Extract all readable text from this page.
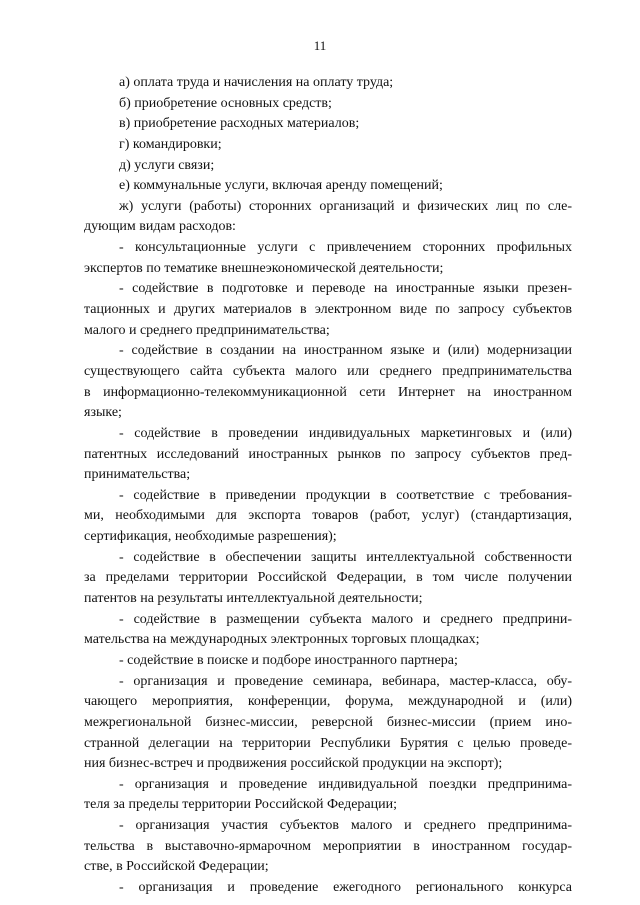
11
а) оплата труда и начисления на оплату труда;
б) приобретение основных средств;
в) приобретение расходных материалов;
г) командировки;
д) услуги связи;
е) коммунальные услуги, включая аренду помещений;
ж) услуги (работы) сторонних организаций и физических лиц по сле-
дующим видам расходов:
- консультационные услуги с привлечением сторонних профильных
экспертов по тематике внешнеэкономической деятельности;
- содействие в подготовке и переводе на иностранные языки презен-
тационных и других материалов в электронном виде по запросу субъектов
малого и среднего предпринимательства;
- содействие в создании на иностранном языке и (или) модернизации
существующего сайта субъекта малого или среднего предпринимательства
в информационно-телекоммуникационной сети Интернет на иностранном
языке;
- содействие в проведении индивидуальных маркетинговых и (или)
патентных исследований иностранных рынков по запросу субъектов пред-
принимательства;
- содействие в приведении продукции в соответствие с требования-
ми, необходимыми для экспорта товаров (работ, услуг) (стандартизация,
сертификация, необходимые разрешения);
- содействие в обеспечении защиты интеллектуальной собственности
за пределами территории Российской Федерации, в том числе получении
патентов на результаты интеллектуальной деятельности;
- содействие в размещении субъекта малого и среднего предприни-
мательства на международных электронных торговых площадках;
- содействие в поиске и подборе иностранного партнера;
- организация и проведение семинара, вебинара, мастер-класса, обу-
чающего мероприятия, конференции, форума, международной и (или)
межрегиональной бизнес-миссии, реверсной бизнес-миссии (прием ино-
странной делегации на территории Республики Бурятия с целью проведе-
ния бизнес-встреч и продвижения российской продукции на экспорт);
- организация и проведение индивидуальной поездки предпринима-
теля за пределы территории Российской Федерации;
- организация участия субъектов малого и среднего предпринима-
тельства в выставочно-ярмарочном мероприятии в иностранном государ-
стве, в Российской Федерации;
- организация и проведение ежегодного регионального конкурса
